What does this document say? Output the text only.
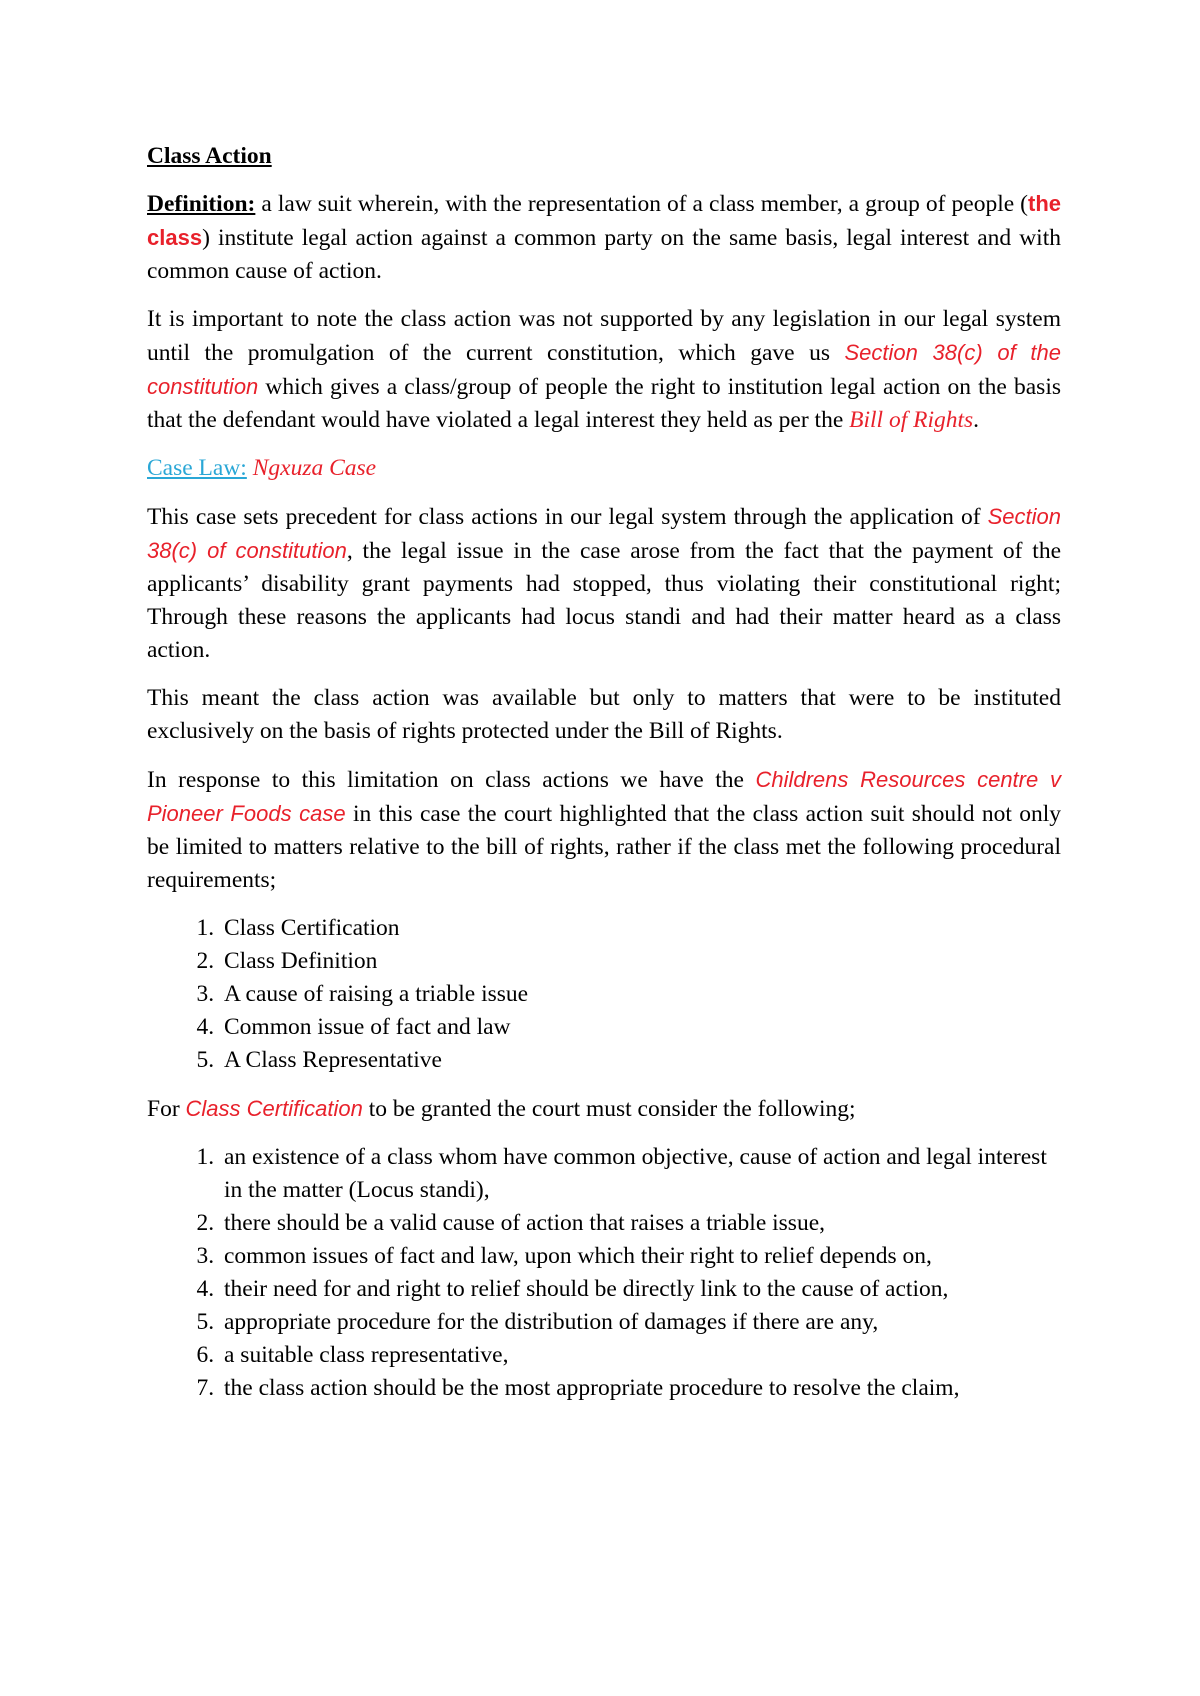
Class Action

Definition: a law suit wherein, with the representation of a class member, a group of people (the class) institute legal action against a common party on the same basis, legal interest and with common cause of action.

It is important to note the class action was not supported by any legislation in our legal system until the promulgation of the current constitution, which gave us Section 38(c) of the constitution which gives a class/group of people the right to institution legal action on the basis that the defendant would have violated a legal interest they held as per the Bill of Rights.

Case Law: Ngxuza Case

This case sets precedent for class actions in our legal system through the application of Section 38(c) of constitution, the legal issue in the case arose from the fact that the payment of the applicants’ disability grant payments had stopped, thus violating their constitutional right; Through these reasons the applicants had locus standi and had their matter heard as a class action.

This meant the class action was available but only to matters that were to be instituted exclusively on the basis of rights protected under the Bill of Rights.

In response to this limitation on class actions we have the Childrens Resources centre v Pioneer Foods case in this case the court highlighted that the class action suit should not only be limited to matters relative to the bill of rights, rather if the class met the following procedural requirements;

1. Class Certification
2. Class Definition
3. A cause of raising a triable issue
4. Common issue of fact and law
5. A Class Representative

For Class Certification to be granted the court must consider the following;

1. an existence of a class whom have common objective, cause of action and legal interest in the matter (Locus standi),
2. there should be a valid cause of action that raises a triable issue,
3. common issues of fact and law, upon which their right to relief depends on,
4. their need for and right to relief should be directly link to the cause of action,
5. appropriate procedure for the distribution of damages if there are any,
6. a suitable class representative,
7. the class action should be the most appropriate procedure to resolve the claim,
